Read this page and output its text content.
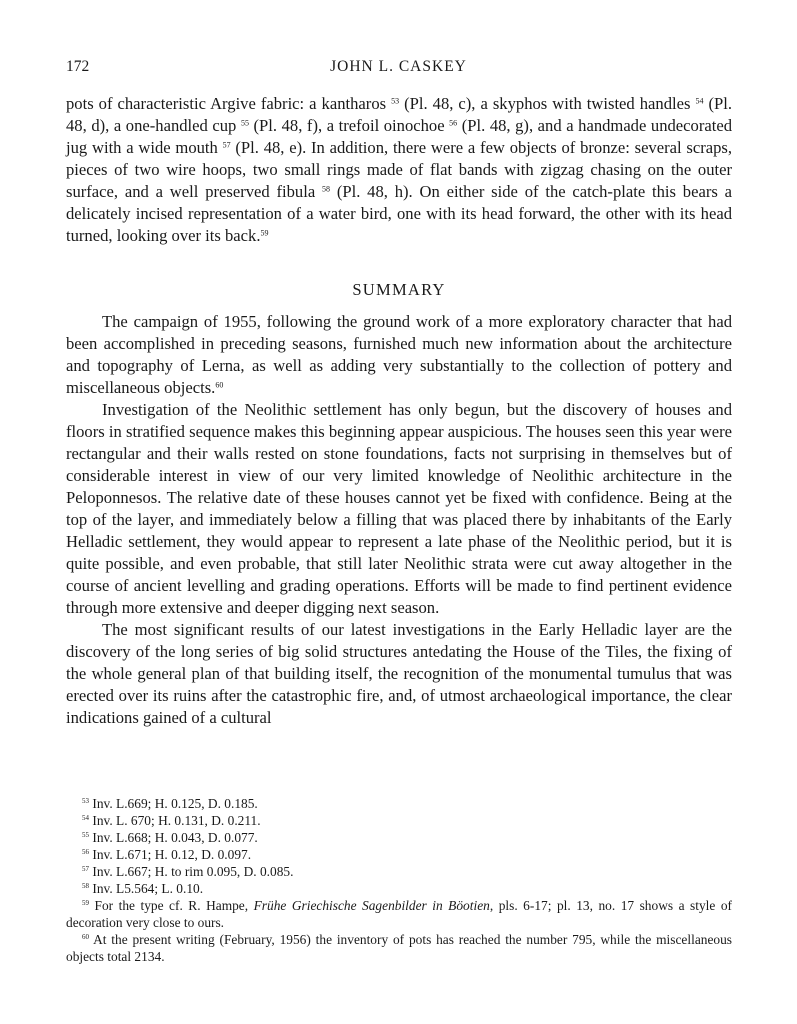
172	JOHN L. CASKEY

pots of characteristic Argive fabric: a kantharos $^{53}$ (Pl. 48, c), a skyphos with twisted handles $^{54}$ (Pl. 48, d), a one-handled cup $^{55}$ (Pl. 48, f), a trefoil oinochoe $^{56}$ (Pl. 48, g), and a handmade undecorated jug with a wide mouth $^{57}$ (Pl. 48, e). In addition, there were a few objects of bronze: several scraps, pieces of two wire hoops, two small rings made of flat bands with zigzag chasing on the outer surface, and a well preserved fibula $^{58}$ (Pl. 48, h). On either side of the catch-plate this bears a delicately incised representation of a water bird, one with its head forward, the other with its head turned, looking over its back.$^{59}$

SUMMARY

The campaign of 1955, following the ground work of a more exploratory character that had been accomplished in preceding seasons, furnished much new information about the architecture and topography of Lerna, as well as adding very substantially to the collection of pottery and miscellaneous objects.$^{60}$

Investigation of the Neolithic settlement has only begun, but the discovery of houses and floors in stratified sequence makes this beginning appear auspicious. The houses seen this year were rectangular and their walls rested on stone foundations, facts not surprising in themselves but of considerable interest in view of our very limited knowledge of Neolithic architecture in the Peloponnesos. The relative date of these houses cannot yet be fixed with confidence. Being at the top of the layer, and immediately below a filling that was placed there by inhabitants of the Early Helladic settlement, they would appear to represent a late phase of the Neolithic period, but it is quite possible, and even probable, that still later Neolithic strata were cut away altogether in the course of ancient levelling and grading operations. Efforts will be made to find pertinent evidence through more extensive and deeper digging next season.

The most significant results of our latest investigations in the Early Helladic layer are the discovery of the long series of big solid structures antedating the House of the Tiles, the fixing of the whole general plan of that building itself, the recognition of the monumental tumulus that was erected over its ruins after the catastrophic fire, and, of utmost archaeological importance, the clear indications gained of a cultural

$^{53}$ Inv. L.669; H. 0.125, D. 0.185.

$^{54}$ Inv. L. 670; H. 0.131, D. 0.211.

$^{55}$ Inv. L.668; H. 0.043, D. 0.077.

$^{56}$ Inv. L.671; H. 0.12, D. 0.097.

$^{57}$ Inv. L.667; H. to rim 0.095, D. 0.085.

$^{58}$ Inv. L5.564; L. 0.10.

$^{59}$ For the type cf. R. Hampe, Frühe Griechische Sagenbilder in Böotien, pls. 6-17; pl. 13, no. 17 shows a style of decoration very close to ours.

$^{60}$ At the present writing (February, 1956) the inventory of pots has reached the number 795, while the miscellaneous objects total 2134.
